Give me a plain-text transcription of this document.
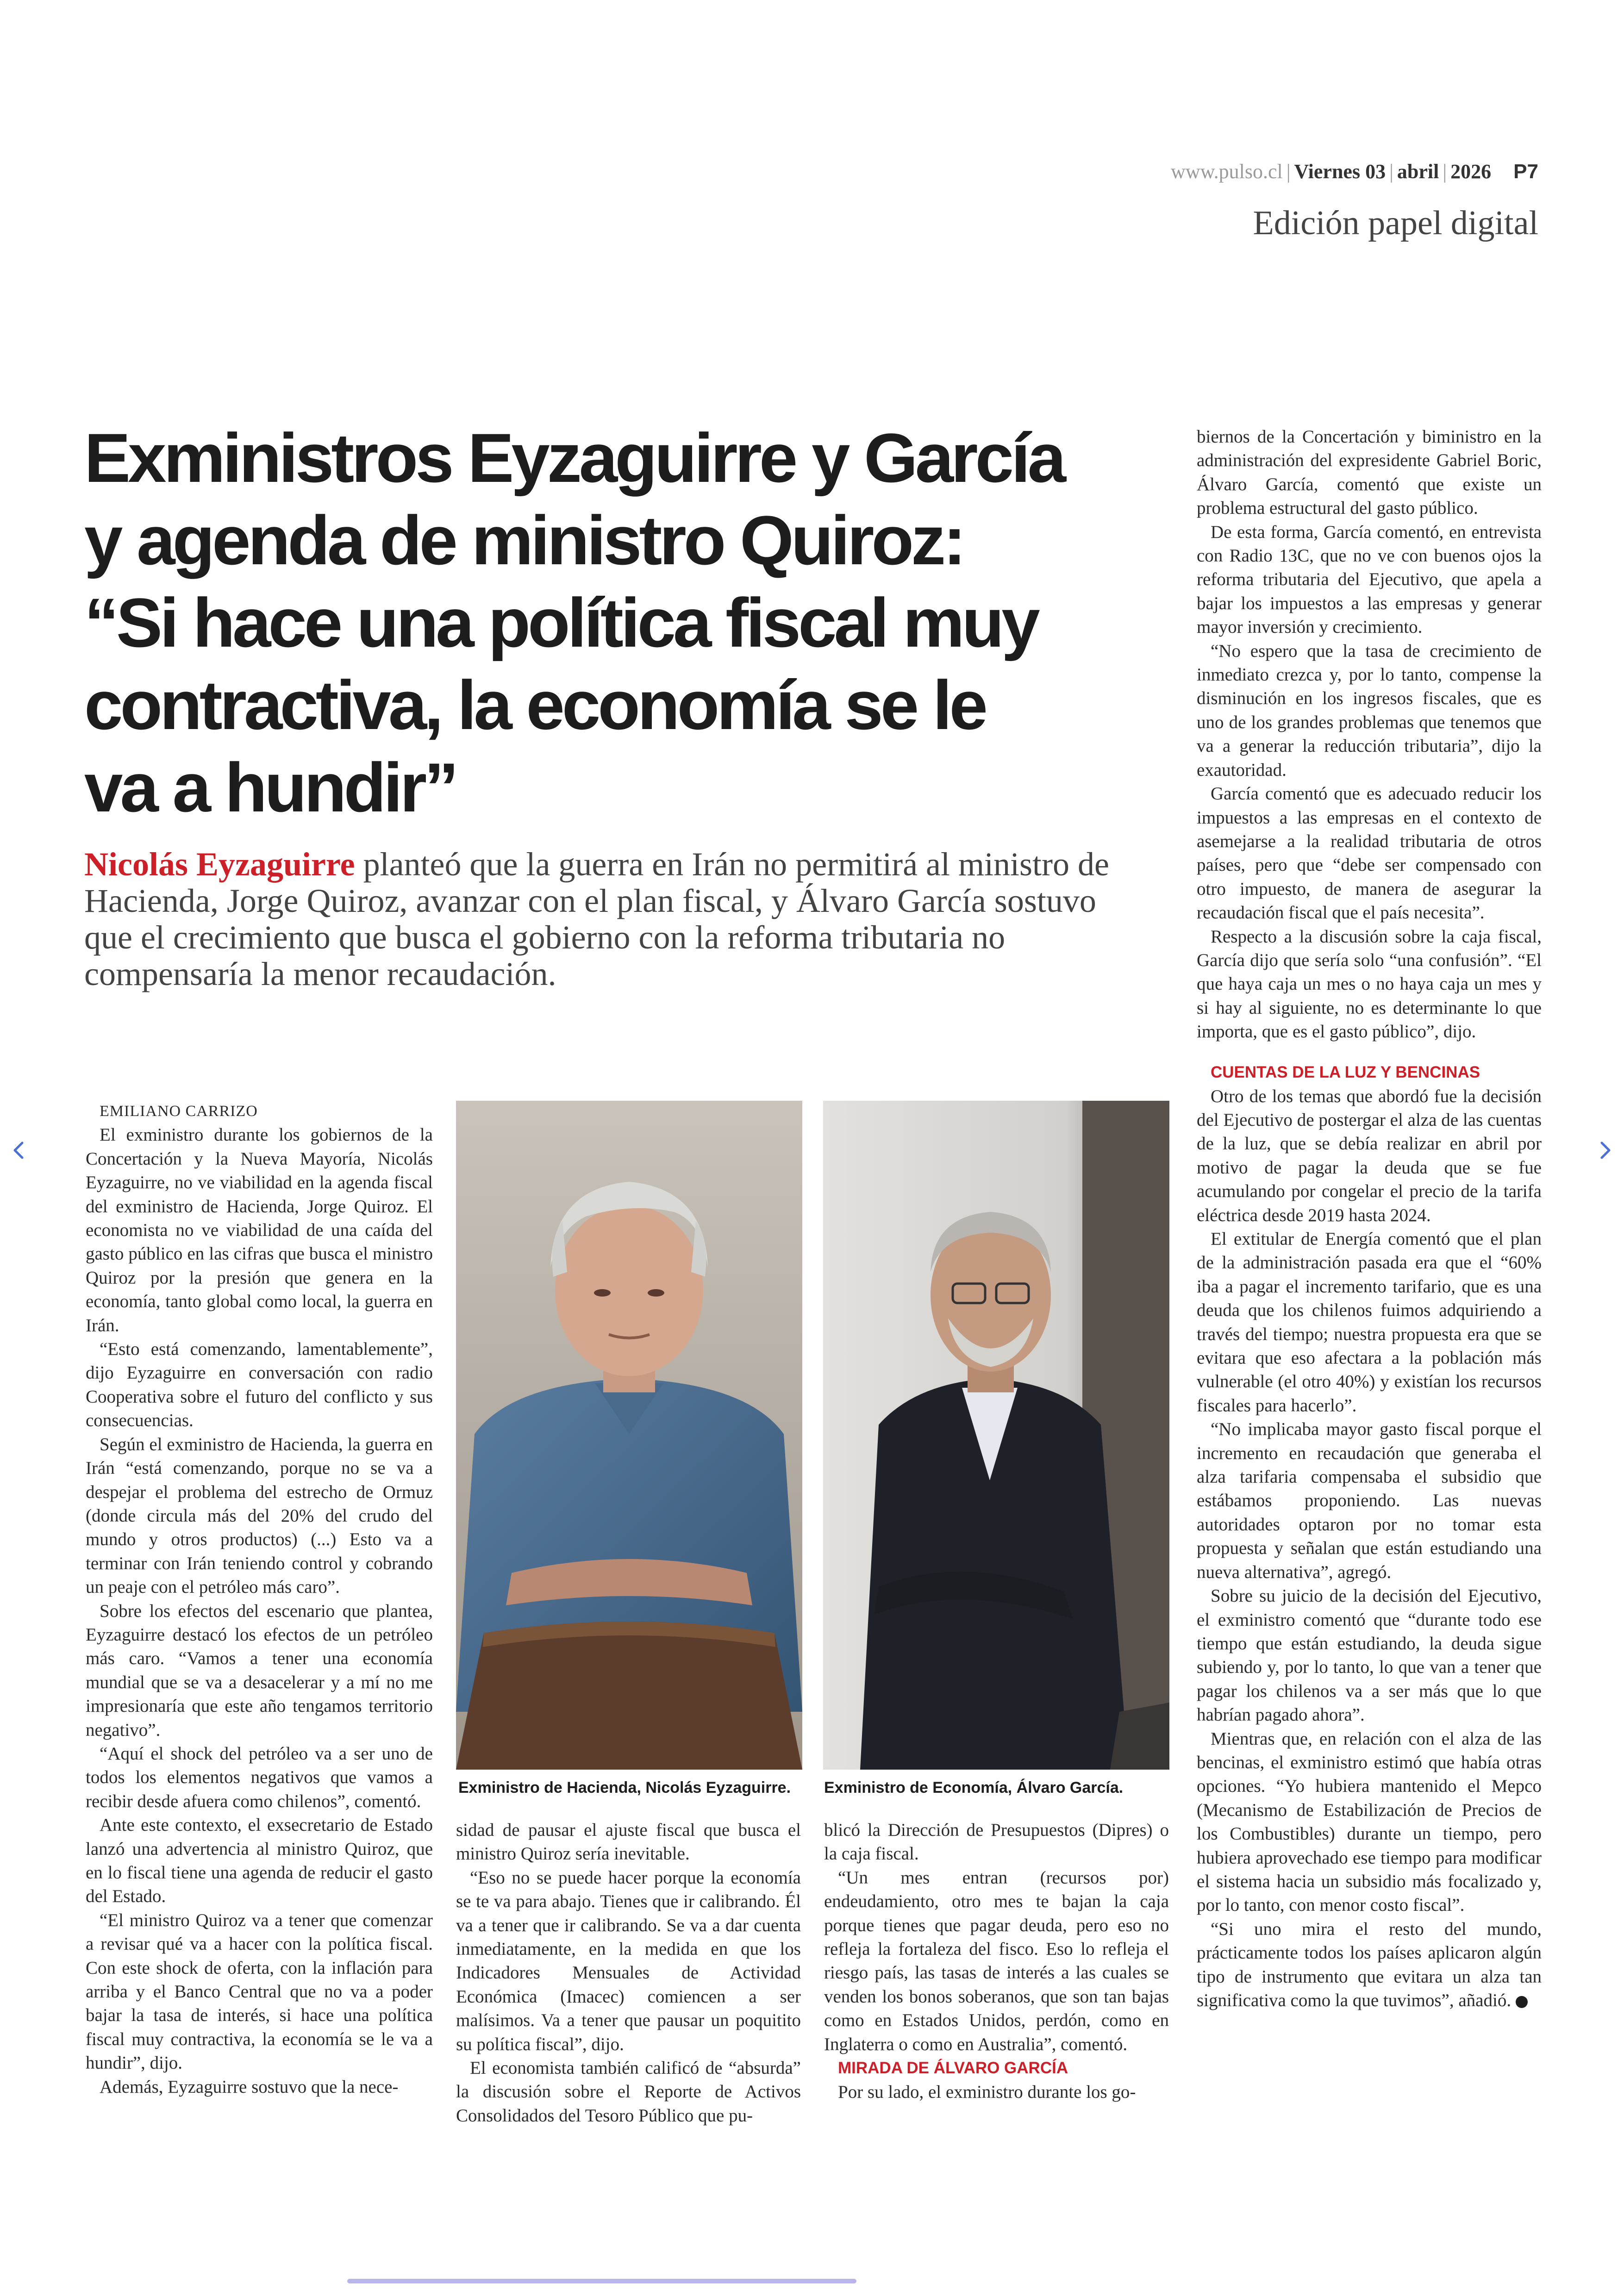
www.pulso.cl | Viernes 03 | abril | 2026 P7
Edición papel digital
Exministros Eyzaguirre y García
y agenda de ministro Quiroz:
“Si hace una política fiscal muy
contractiva, la economía se le
va a hundir”

Nicolás Eyzaguirre planteó que la guerra en Irán no permitirá al ministro de Hacienda, Jorge Quiroz, avanzar con el plan fiscal, y Álvaro García sostuvo que el crecimiento que busca el gobierno con la reforma tributaria no compensaría la menor recaudación.

EMILIANO CARRIZO

El exministro durante los gobiernos de la Concertación y la Nueva Mayoría, Nicolás Eyzaguirre, no ve viabilidad en la agenda fiscal del exministro de Hacienda, Jorge Quiroz. El economista no ve viabilidad de una caída del gasto público en las cifras que busca el ministro Quiroz por la presión que genera en la economía, tanto global como local, la guerra en Irán.

“Esto está comenzando, lamentablemente”, dijo Eyzaguirre en conversación con radio Cooperativa sobre el futuro del conflicto y sus consecuencias.

Según el exministro de Hacienda, la guerra en Irán “está comenzando, porque no se va a despejar el problema del estrecho de Ormuz (donde circula más del 20% del crudo del mundo y otros productos) (...) Esto va a terminar con Irán teniendo control y cobrando un peaje con el petróleo más caro”.

Sobre los efectos del escenario que plantea, Eyzaguirre destacó los efectos de un petróleo más caro. “Vamos a tener una economía mundial que se va a desacelerar y a mí no me impresionaría que este año tengamos territorio negativo”.

“Aquí el shock del petróleo va a ser uno de todos los elementos negativos que vamos a recibir desde afuera como chilenos”, comentó.

Ante este contexto, el exsecretario de Estado lanzó una advertencia al ministro Quiroz, que en lo fiscal tiene una agenda de reducir el gasto del Estado.

“El ministro Quiroz va a tener que comenzar a revisar qué va a hacer con la política fiscal. Con este shock de oferta, con la inflación para arriba y el Banco Central que no va a poder bajar la tasa de interés, si hace una política fiscal muy contractiva, la economía se le va a hundir”, dijo.

Además, Eyzaguirre sostuvo que la nece-

Exministro de Hacienda, Nicolás Eyzaguirre. Exministro de Economía, Álvaro García.

sidad de pausar el ajuste fiscal que busca el ministro Quiroz sería inevitable.

“Eso no se puede hacer porque la economía se te va para abajo. Tienes que ir calibrando. Él va a tener que ir calibrando. Se va a dar cuenta inmediatamente, en la medida en que los Indicadores Mensuales de Actividad Económica (Imacec) comiencen a ser malísimos. Va a tener que pausar un poquitito su política fiscal”, dijo.

El economista también calificó de “absurda” la discusión sobre el Reporte de Activos Consolidados del Tesoro Público que pu-

blicó la Dirección de Presupuestos (Dipres) o la caja fiscal.

“Un mes entran (recursos por) endeudamiento, otro mes te bajan la caja porque tienes que pagar deuda, pero eso no refleja la fortaleza del fisco. Eso lo refleja el riesgo país, las tasas de interés a las cuales se venden los bonos soberanos, que son tan bajas como en Estados Unidos, perdón, como en Inglaterra o como en Australia”, comentó.

MIRADA DE ÁLVARO GARCÍA

Por su lado, el exministro durante los go-

biernos de la Concertación y biministro en la administración del expresidente Gabriel Boric, Álvaro García, comentó que existe un problema estructural del gasto público.

De esta forma, García comentó, en entrevista con Radio 13C, que no ve con buenos ojos la reforma tributaria del Ejecutivo, que apela a bajar los impuestos a las empresas y generar mayor inversión y crecimiento.

“No espero que la tasa de crecimiento de inmediato crezca y, por lo tanto, compense la disminución en los ingresos fiscales, que es uno de los grandes problemas que tenemos que va a generar la reducción tributaria”, dijo la exautoridad.

García comentó que es adecuado reducir los impuestos a las empresas en el contexto de asemejarse a la realidad tributaria de otros países, pero que “debe ser compensado con otro impuesto, de manera de asegurar la recaudación fiscal que el país necesita”.

Respecto a la discusión sobre la caja fiscal, García dijo que sería solo “una confusión”. “El que haya caja un mes o no haya caja un mes y si hay al siguiente, no es determinante lo que importa, que es el gasto público”, dijo.

CUENTAS DE LA LUZ Y BENCINAS

Otro de los temas que abordó fue la decisión del Ejecutivo de postergar el alza de las cuentas de la luz, que se debía realizar en abril por motivo de pagar la deuda que se fue acumulando por congelar el precio de la tarifa eléctrica desde 2019 hasta 2024.

El extitular de Energía comentó que el plan de la administración pasada era que el “60% iba a pagar el incremento tarifario, que es una deuda que los chilenos fuimos adquiriendo a través del tiempo; nuestra propuesta era que se evitara que eso afectara a la población más vulnerable (el otro 40%) y existían los recursos fiscales para hacerlo”.

“No implicaba mayor gasto fiscal porque el incremento en recaudación que generaba el alza tarifaria compensaba el subsidio que estábamos proponiendo. Las nuevas autoridades optaron por no tomar esta propuesta y señalan que están estudiando una nueva alternativa”, agregó.

Sobre su juicio de la decisión del Ejecutivo, el exministro comentó que “durante todo ese tiempo que están estudiando, la deuda sigue subiendo y, por lo tanto, lo que van a tener que pagar los chilenos va a ser más que lo que habrían pagado ahora”.

Mientras que, en relación con el alza de las bencinas, el exministro estimó que había otras opciones. “Yo hubiera mantenido el Mepco (Mecanismo de Estabilización de Precios de los Combustibles) durante un tiempo, pero hubiera aprovechado ese tiempo para modificar el sistema hacia un subsidio más focalizado y, por lo tanto, con menor costo fiscal”.

“Si uno mira el resto del mundo, prácticamente todos los países aplicaron algún tipo de instrumento que evitara un alza tan significativa como la que tuvimos”, añadió. P
